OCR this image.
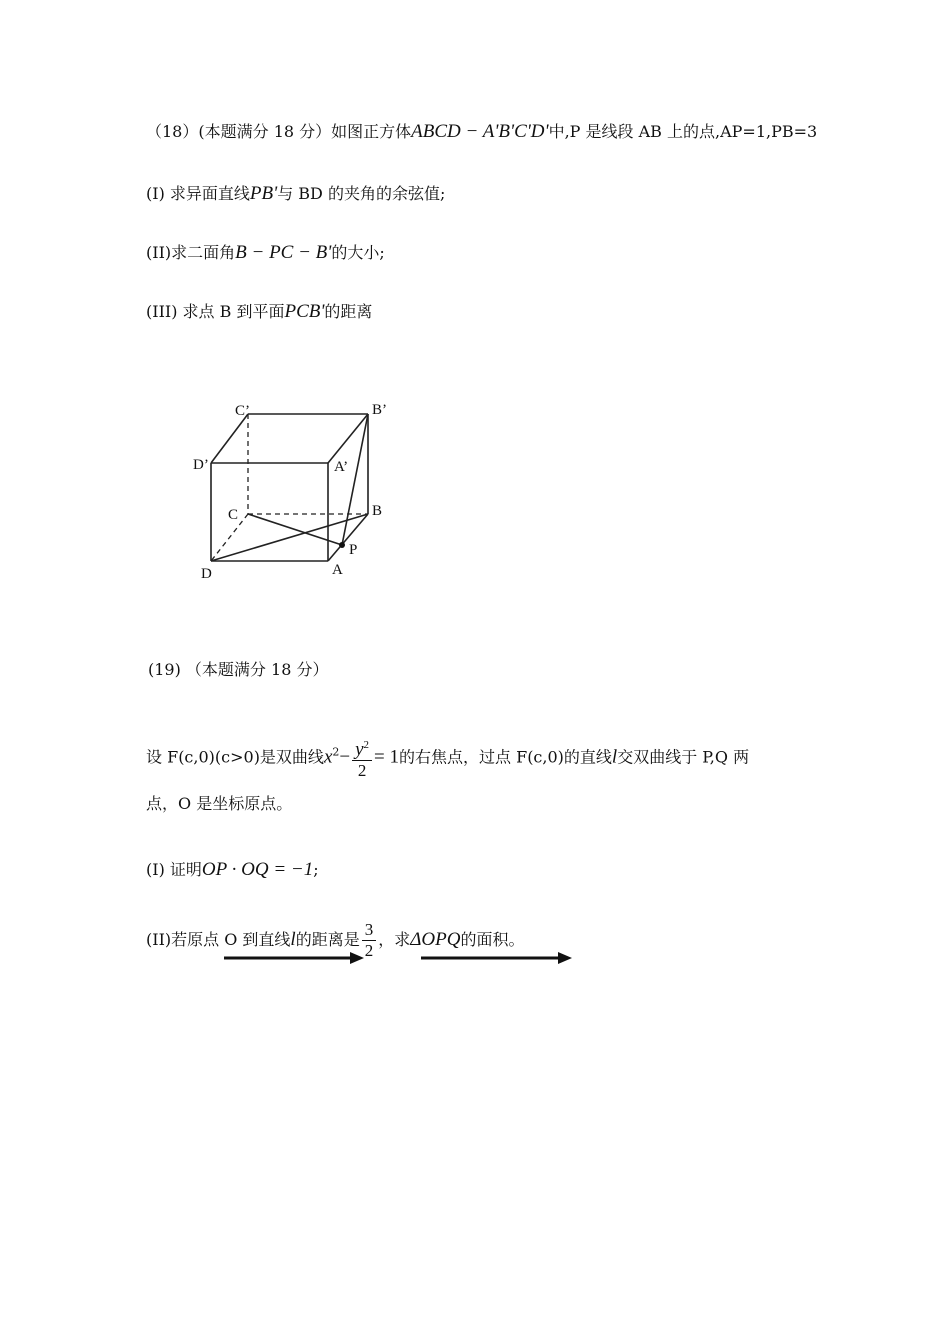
（18）(本题满分 18 分）如图正方体ABCD − A'B'C'D'中,P 是线段 AB 上的点,AP=1,PB=3
(I) 求异面直线PB'与 BD 的夹角的余弦值;
(II)求二面角B − PC − B'的大小;
(III) 求点 B 到平面PCB'的距离
C’	B’
D’	A’
C	B
P
D	A
(19) （本题满分 18 分）
设 F(c,0)(c>0)是双曲线$x^2- \frac{y^2}{2} = 1$的右焦点，过点 F(c,0)的直线l交双曲线于 P,Q 两
点，O 是坐标原点。
(I) 证明OP · OQ = −1;
(II)若原点 O 到直线l的距离是 $\frac{3}{2}$ ，求ΔOPQ的面积。
